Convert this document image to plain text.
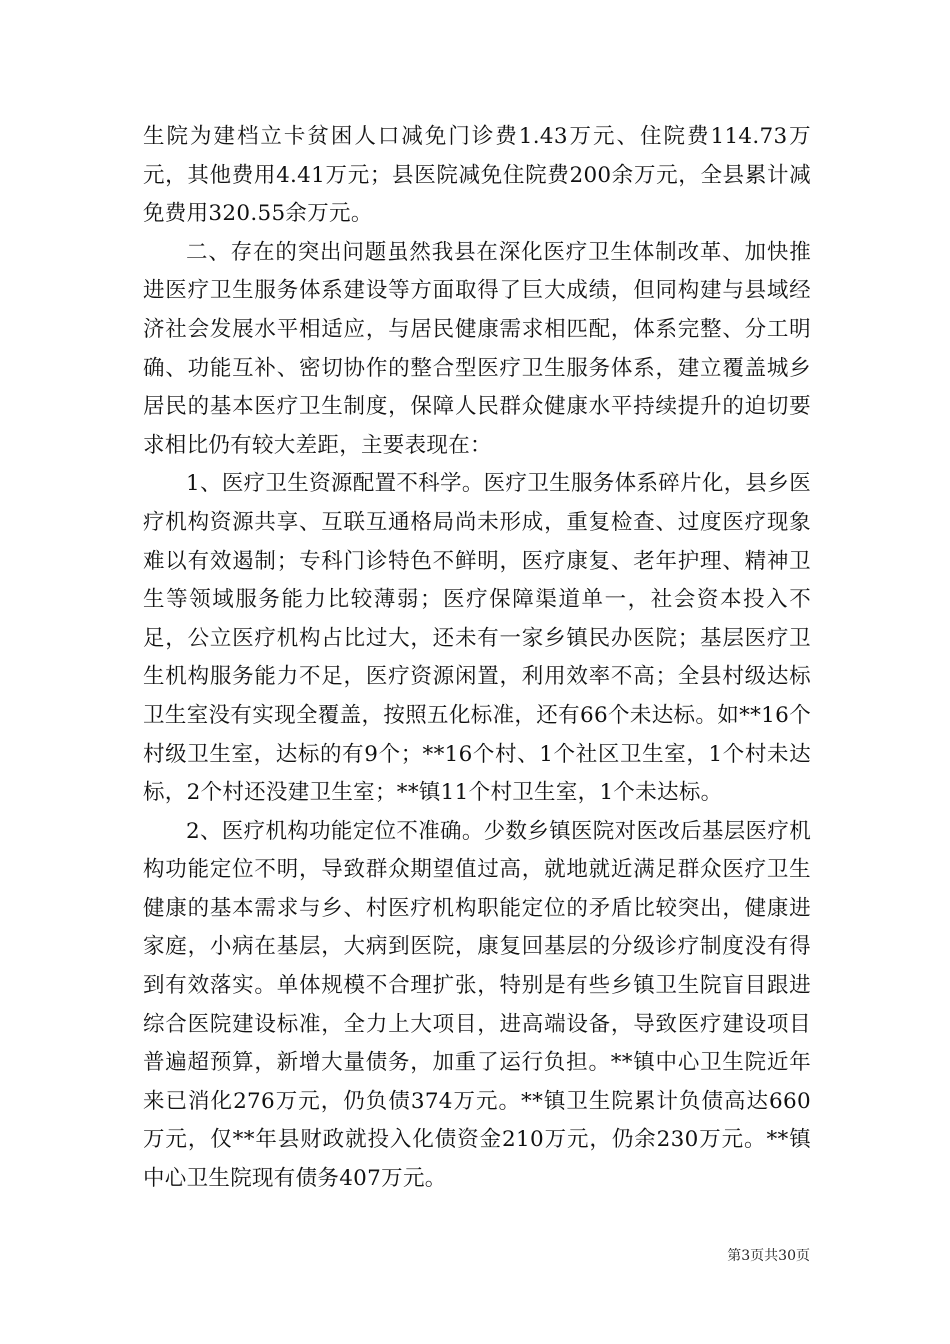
生院为建档立卡贫困人口减免门诊费1.43万元、住院费114.73万元，其他费用4.41万元；县医院减免住院费200余万元，全县累计减免费用320.55余万元。

二、存在的突出问题虽然我县在深化医疗卫生体制改革、加快推进医疗卫生服务体系建设等方面取得了巨大成绩，但同构建与县域经济社会发展水平相适应，与居民健康需求相匹配，体系完整、分工明确、功能互补、密切协作的整合型医疗卫生服务体系，建立覆盖城乡居民的基本医疗卫生制度，保障人民群众健康水平持续提升的迫切要求相比仍有较大差距，主要表现在：

1、医疗卫生资源配置不科学。医疗卫生服务体系碎片化，县乡医疗机构资源共享、互联互通格局尚未形成，重复检查、过度医疗现象难以有效遏制；专科门诊特色不鲜明，医疗康复、老年护理、精神卫生等领域服务能力比较薄弱；医疗保障渠道单一，社会资本投入不足，公立医疗机构占比过大，还未有一家乡镇民办医院；基层医疗卫生机构服务能力不足，医疗资源闲置，利用效率不高；全县村级达标卫生室没有实现全覆盖，按照五化标准，还有66个未达标。如**16个村级卫生室，达标的有9个；**16个村、1个社区卫生室，1个村未达标，2个村还没建卫生室；**镇11个村卫生室，1个未达标。

2、医疗机构功能定位不准确。少数乡镇医院对医改后基层医疗机构功能定位不明，导致群众期望值过高，就地就近满足群众医疗卫生健康的基本需求与乡、村医疗机构职能定位的矛盾比较突出，健康进家庭，小病在基层，大病到医院，康复回基层的分级诊疗制度没有得到有效落实。单体规模不合理扩张，特别是有些乡镇卫生院盲目跟进综合医院建设标准，全力上大项目，进高端设备，导致医疗建设项目普遍超预算，新增大量债务，加重了运行负担。**镇中心卫生院近年来已消化276万元，仍负债374万元。**镇卫生院累计负债高达660万元，仅**年县财政就投入化债资金210万元，仍余230万元。**镇中心卫生院现有债务407万元。

第3页共30页
